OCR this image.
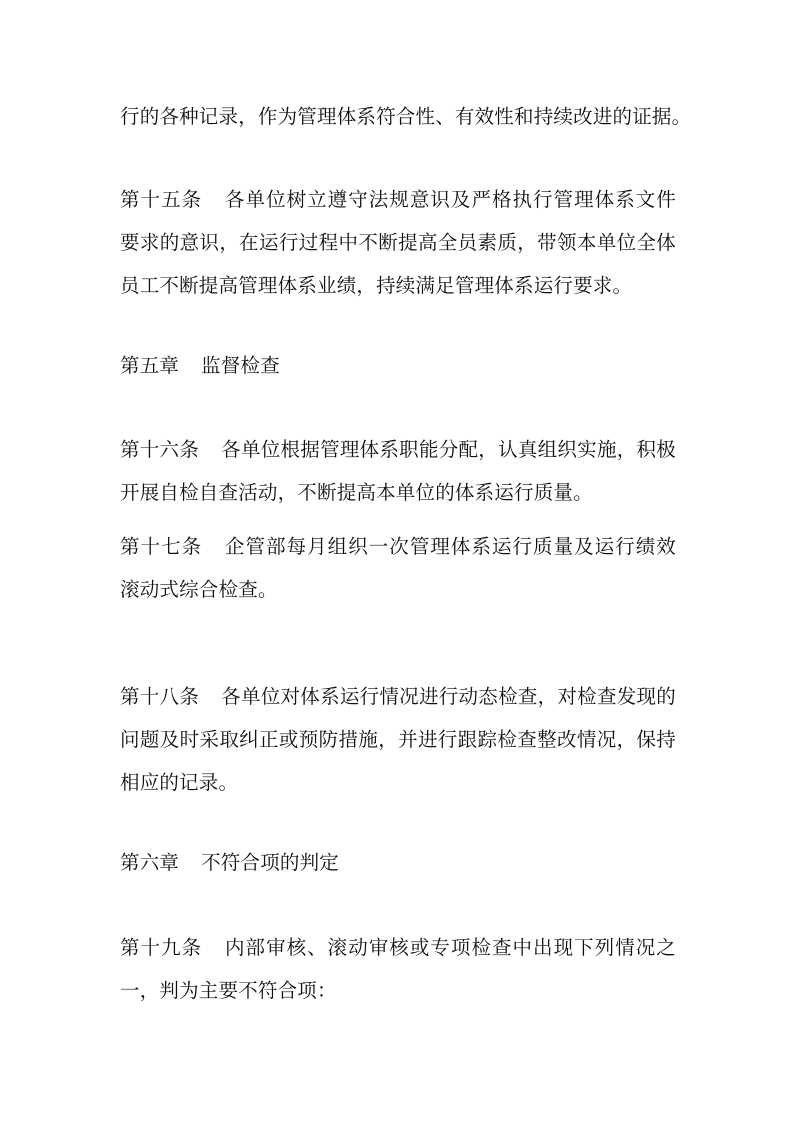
行的各种记录，作为管理体系符合性、有效性和持续改进的证据。
第十五条 各单位树立遵守法规意识及严格执行管理体系文件
要求的意识，在运行过程中不断提高全员素质，带领本单位全体
员工不断提高管理体系业绩，持续满足管理体系运行要求。
第五章 监督检查
第十六条 各单位根据管理体系职能分配，认真组织实施，积极
开展自检自查活动，不断提高本单位的体系运行质量。
第十七条 企管部每月组织一次管理体系运行质量及运行绩效
滚动式综合检查。
第十八条 各单位对体系运行情况进行动态检查，对检查发现的
问题及时采取纠正或预防措施，并进行跟踪检查整改情况，保持
相应的记录。
第六章 不符合项的判定
第十九条 内部审核、滚动审核或专项检查中出现下列情况之
一，判为主要不符合项：
